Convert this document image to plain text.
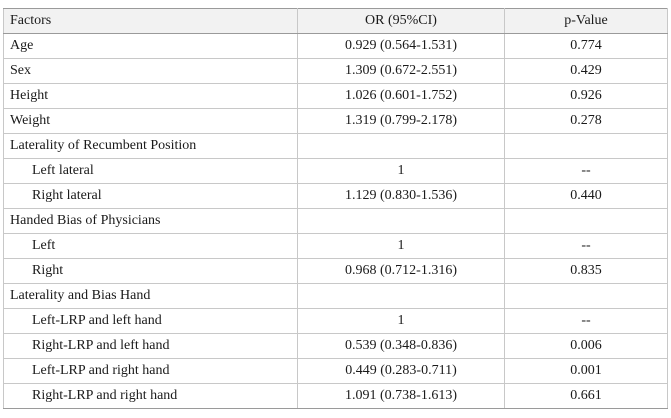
Factors	OR (95%CI)	p-Value
Age	0.929 (0.564-1.531)	0.774
Sex	1.309 (0.672-2.551)	0.429
Height	1.026 (0.601-1.752)	0.926
Weight	1.319 (0.799-2.178)	0.278
Laterality of Recumbent Position		
Left lateral	1	--
Right lateral	1.129 (0.830-1.536)	0.440
Handed Bias of Physicians		
Left	1	--
Right	0.968 (0.712-1.316)	0.835
Laterality and Bias Hand		
Left-LRP and left hand	1	--
Right-LRP and left hand	0.539 (0.348-0.836)	0.006
Left-LRP and right hand	0.449 (0.283-0.711)	0.001
Right-LRP and right hand	1.091 (0.738-1.613)	0.661
